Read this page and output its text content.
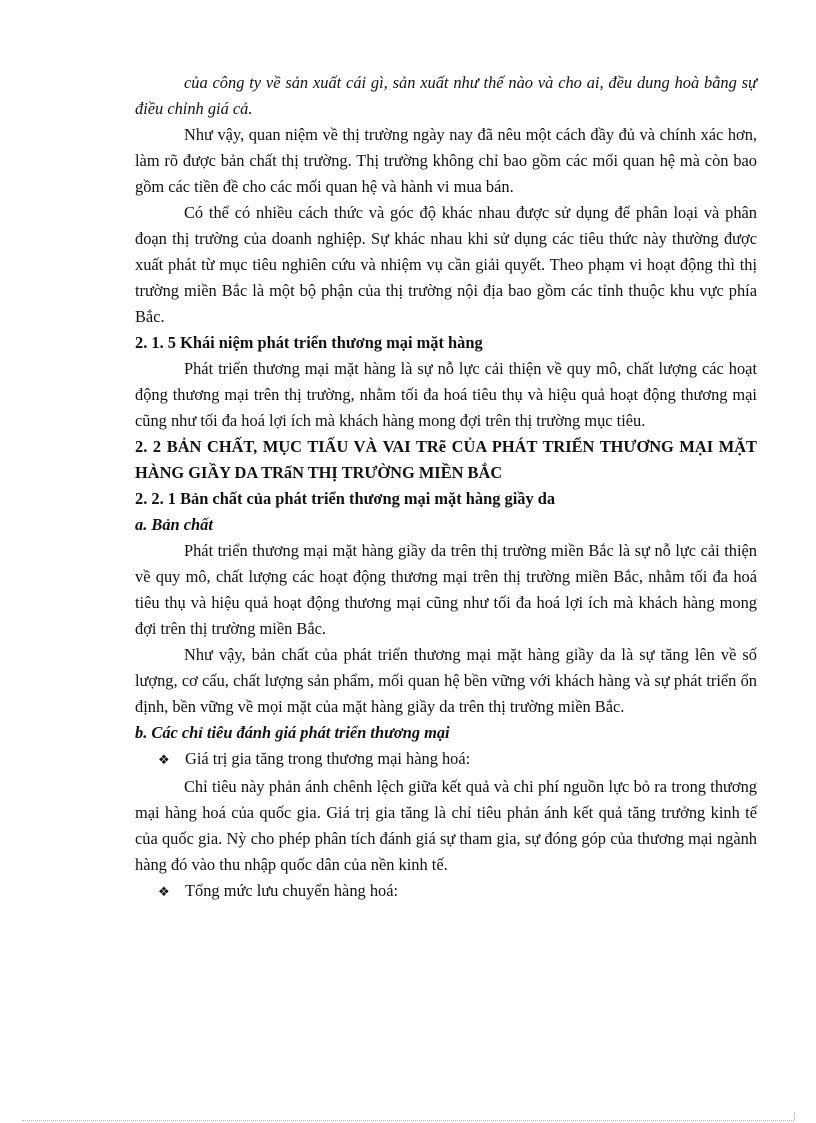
của công ty về sản xuất cái gì, sản xuất như thế nào và cho ai, đều dung hoà bằng sự điều chỉnh giá cả.

Như vậy, quan niệm về thị trường ngày nay đã nêu một cách đầy đủ và chính xác hơn, làm rõ được bản chất thị trường. Thị trường không chỉ bao gồm các mối quan hệ mà còn bao gồm các tiền đề cho các mối quan hệ và hành vi mua bán.

Có thể có nhiều cách thức và góc độ khác nhau được sử dụng để phân loại và phân đoạn thị trường của doanh nghiệp. Sự khác nhau khi sử dụng các tiêu thức này thường được xuất phát từ mục tiêu nghiên cứu và nhiệm vụ cần giải quyết. Theo phạm vi hoạt động thì thị trường miền Bắc là một bộ phận của thị trường nội địa bao gồm các tỉnh thuộc khu vực phía Bắc.

2. 1. 5 Khái niệm phát triển thương mại mặt hàng

Phát triển thương mại mặt hàng là sự nỗ lực cải thiện về quy mô, chất lượng các hoạt động thương mại trên thị trường, nhằm tối đa hoá tiêu thụ và hiệu quả hoạt động thương mại cũng như tối đa hoá lợi ích mà khách hàng mong đợi trên thị trường mục tiêu.

2. 2 BẢN CHẤT, MỤC TIẤU VÀ VAI TRẽ CỦA PHÁT TRIỂN THƯƠNG MẠI MẶT HÀNG GIẦY DA TRấN THỊ TRƯỜNG MIỀN BẮC

2. 2. 1 Bản chất của phát triển thương mại mặt hàng giầy da

a. Bản chất

Phát triển thương mại mặt hàng giầy da trên thị trường miền Bắc là sự nỗ lực cải thiện về quy mô, chất lượng các hoạt động thương mại trên thị trường miền Bắc, nhằm tối đa hoá tiêu thụ và hiệu quả hoạt động thương mại cũng như tối đa hoá lợi ích mà khách hàng mong đợi trên thị trường miền Bắc.

Như vậy, bản chất của phát triển thương mại mặt hàng giầy da là sự tăng lên về số lượng, cơ cấu, chất lượng sản phẩm, mối quan hệ bền vững với khách hàng và sự phát triển ổn định, bền vững về mọi mặt của mặt hàng giầy da trên thị trường miền Bắc.

b. Các chỉ tiêu đánh giá phát triển thương mại

❖ Giá trị gia tăng trong thương mại hàng hoá:

Chỉ tiêu này phản ánh chênh lệch giữa kết quả và chi phí nguồn lực bỏ ra trong thương mại hàng hoá của quốc gia. Giá trị gia tăng là chỉ tiêu phản ánh kết quả tăng trưởng kinh tế của quốc gia. Nỳ cho phép phân tích đánh giá sự tham gia, sự đóng góp của thương mại ngành hàng đó vào thu nhập quốc dân của nền kinh tế.

❖ Tổng mức lưu chuyển hàng hoá:
